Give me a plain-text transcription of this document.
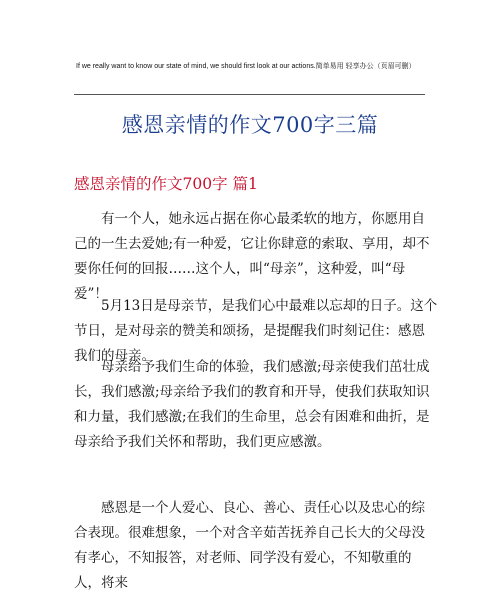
If we really want to know our state of mind, we should first look at our actions.简单易用 轻享办公（页眉可删）
感恩亲情的作文700字三篇
感恩亲情的作文700字 篇1

有一个人，她永远占据在你心最柔软的地方，你愿用自己的一生去爱她;有一种爱，它让你肆意的索取、享用，却不要你任何的回报……这个人，叫“母亲”，这种爱，叫“母爱”！

5月13日是母亲节，是我们心中最难以忘却的日子。这个节日，是对母亲的赞美和颂扬，是提醒我们时刻记住：感恩我们的母亲。

母亲给予我们生命的体验，我们感激;母亲使我们茁壮成长，我们感激;母亲给予我们的教育和开导，使我们获取知识和力量，我们感激;在我们的生命里，总会有困难和曲折，是母亲给予我们关怀和帮助，我们更应感激。

感恩是一个人爱心、良心、善心、责任心以及忠心的综合表现。很难想象，一个对含辛茹苦抚养自己长大的父母没有孝心，不知报答，对老师、同学没有爱心，不知敬重的人，将来
